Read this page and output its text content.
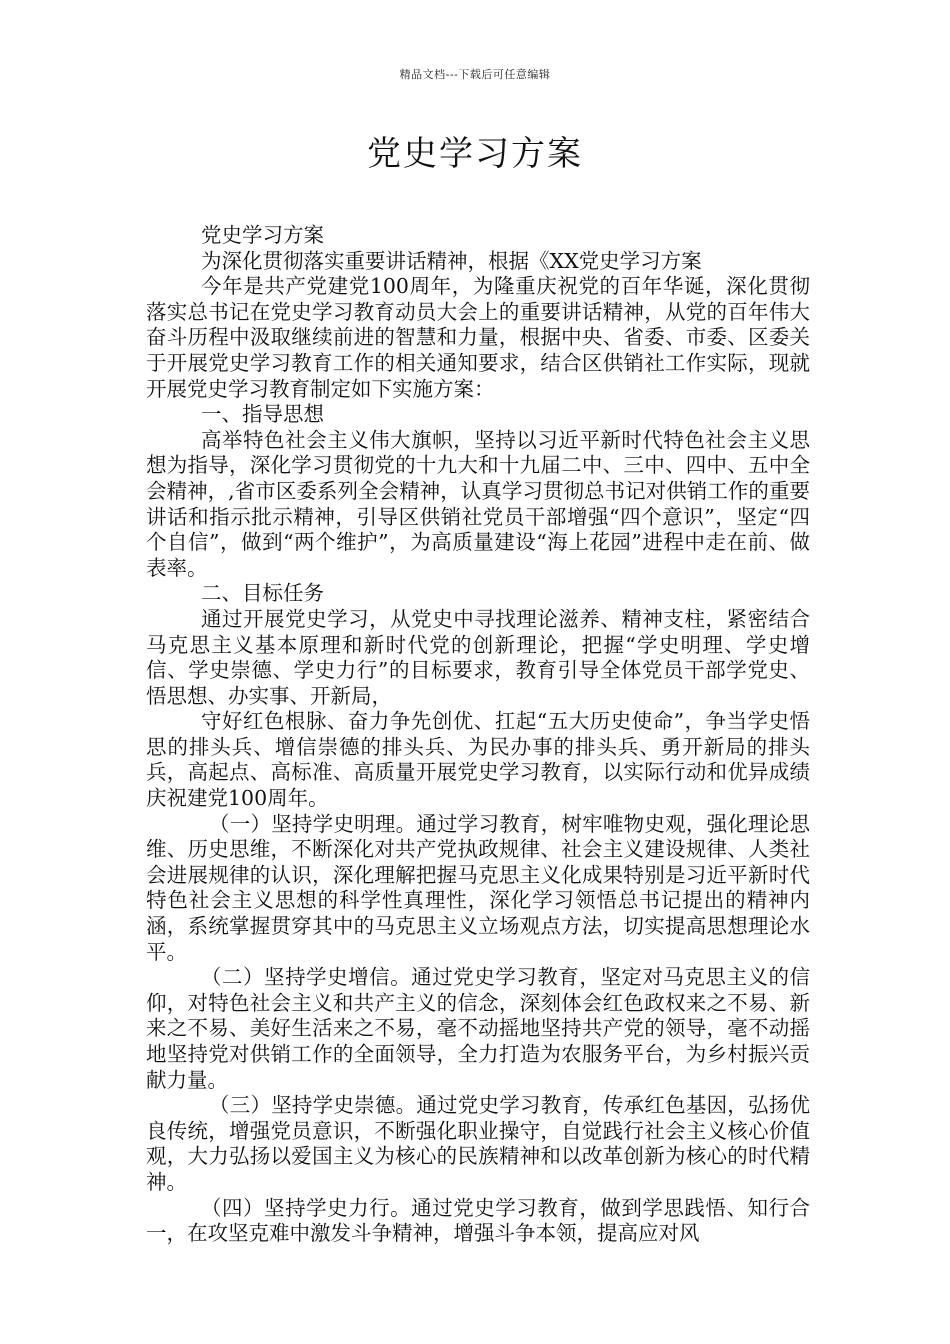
精品文档---下载后可任意编辑
党史学习方案

党史学习方案

为深化贯彻落实重要讲话精神，根据《XX党史学习方案

今年是共产党建党100周年，为隆重庆祝党的百年华诞，深化贯彻落实总书记在党史学习教育动员大会上的重要讲话精神，从党的百年伟大奋斗历程中汲取继续前进的智慧和力量，根据中央、省委、市委、区委关于开展党史学习教育工作的相关通知要求，结合区供销社工作实际，现就开展党史学习教育制定如下实施方案：

一、指导思想

高举特色社会主义伟大旗帜，坚持以习近平新时代特色社会主义思想为指导，深化学习贯彻党的十九大和十九届二中、三中、四中、五中全会精神，,省市区委系列全会精神，认真学习贯彻总书记对供销工作的重要讲话和指示批示精神，引导区供销社党员干部增强“四个意识”，坚定“四个自信”，做到“两个维护”，为高质量建设“海上花园”进程中走在前、做表率。

二、目标任务

通过开展党史学习，从党史中寻找理论滋养、精神支柱，紧密结合马克思主义基本原理和新时代党的创新理论，把握“学史明理、学史增信、学史崇德、学史力行”的目标要求，教育引导全体党员干部学党史、悟思想、办实事、开新局，

守好红色根脉、奋力争先创优、扛起“五大历史使命”，争当学史悟思的排头兵、增信崇德的排头兵、为民办事的排头兵、勇开新局的排头兵，高起点、高标准、高质量开展党史学习教育，以实际行动和优异成绩庆祝建党100周年。

（一）坚持学史明理。通过学习教育，树牢唯物史观，强化理论思维、历史思维，不断深化对共产党执政规律、社会主义建设规律、人类社会进展规律的认识，深化理解把握马克思主义化成果特别是习近平新时代特色社会主义思想的科学性真理性，深化学习领悟总书记提出的精神内涵，系统掌握贯穿其中的马克思主义立场观点方法，切实提高思想理论水平。

（二）坚持学史增信。通过党史学习教育，坚定对马克思主义的信仰，对特色社会主义和共产主义的信念，深刻体会红色政权来之不易、新来之不易、美好生活来之不易，毫不动摇地坚持共产党的领导，毫不动摇地坚持党对供销工作的全面领导，全力打造为农服务平台，为乡村振兴贡献力量。

（三）坚持学史崇德。通过党史学习教育，传承红色基因，弘扬优良传统，增强党员意识，不断强化职业操守，自觉践行社会主义核心价值观，大力弘扬以爱国主义为核心的民族精神和以改革创新为核心的时代精神。

（四）坚持学史力行。通过党史学习教育，做到学思践悟、知行合一，在攻坚克难中激发斗争精神，增强斗争本领，提高应对风
